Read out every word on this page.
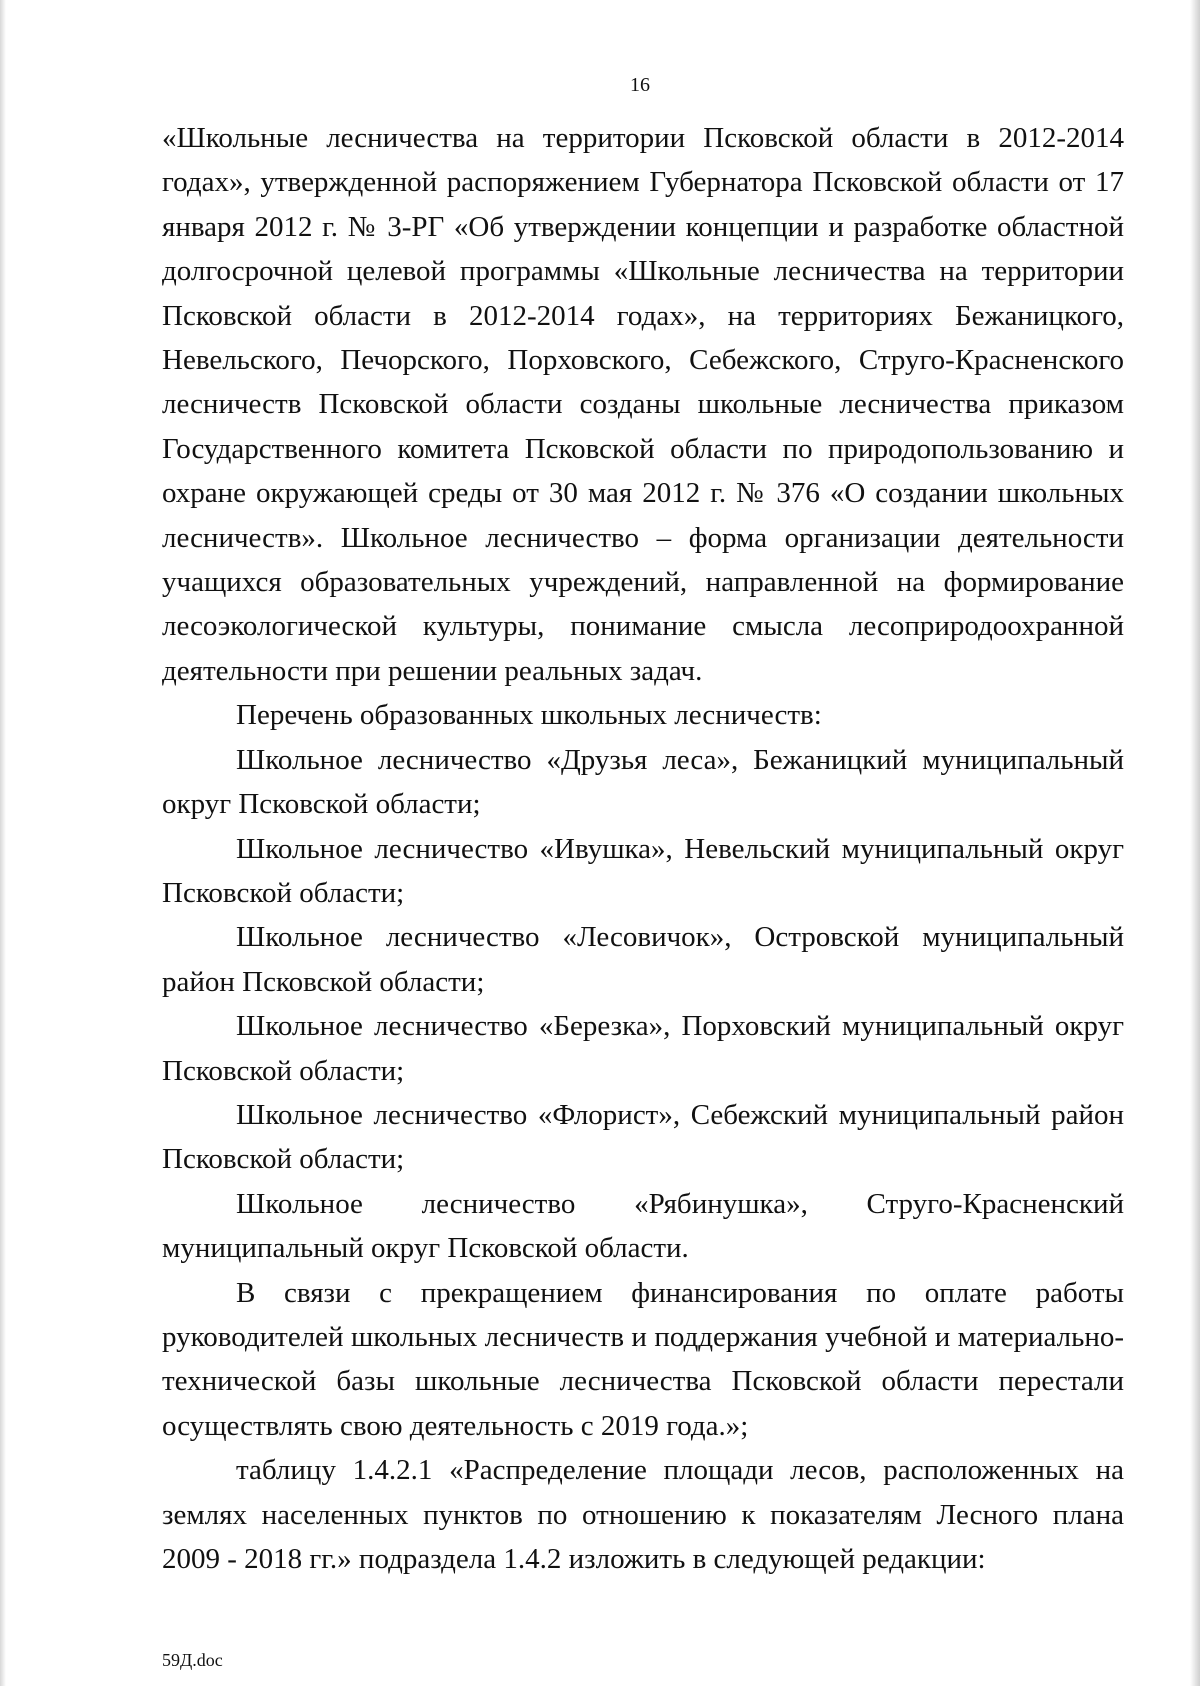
16

«Школьные лесничества на территории Псковской области в 2012-2014 годах», утвержденной распоряжением Губернатора Псковской области от 17 января 2012 г. № 3-РГ «Об утверждении концепции и разработке областной долгосрочной целевой программы «Школьные лесничества на территории Псковской области в 2012-2014 годах», на территориях Бежаницкого, Невельского, Печорского, Порховского, Себежского, Струго-Красненского лесничеств Псковской области созданы школьные лесничества приказом Государственного комитета Псковской области по природопользованию и охране окружающей среды от 30 мая 2012 г. № 376 «О создании школьных лесничеств». Школьное лесничество – форма организации деятельности учащихся образовательных учреждений, направленной на формирование лесоэкологической культуры, понимание смысла лесоприродоохранной деятельности при решении реальных задач.

Перечень образованных школьных лесничеств:

Школьное лесничество «Друзья леса», Бежаницкий муниципальный округ Псковской области;

Школьное лесничество «Ивушка», Невельский муниципальный округ Псковской области;

Школьное лесничество «Лесовичок», Островской муниципальный район Псковской области;

Школьное лесничество «Березка», Порховский муниципальный округ Псковской области;

Школьное лесничество «Флорист», Себежский муниципальный район Псковской области;

Школьное лесничество «Рябинушка», Струго-Красненский муниципальный округ Псковской области.

В связи с прекращением финансирования по оплате работы руководителей школьных лесничеств и поддержания учебной и материально-технической базы школьные лесничества Псковской области перестали осуществлять свою деятельность с 2019 года.»;

таблицу 1.4.2.1 «Распределение площади лесов, расположенных на землях населенных пунктов по отношению к показателям Лесного плана 2009 - 2018 гг.» подраздела 1.4.2 изложить в следующей редакции:

59Д.doc
